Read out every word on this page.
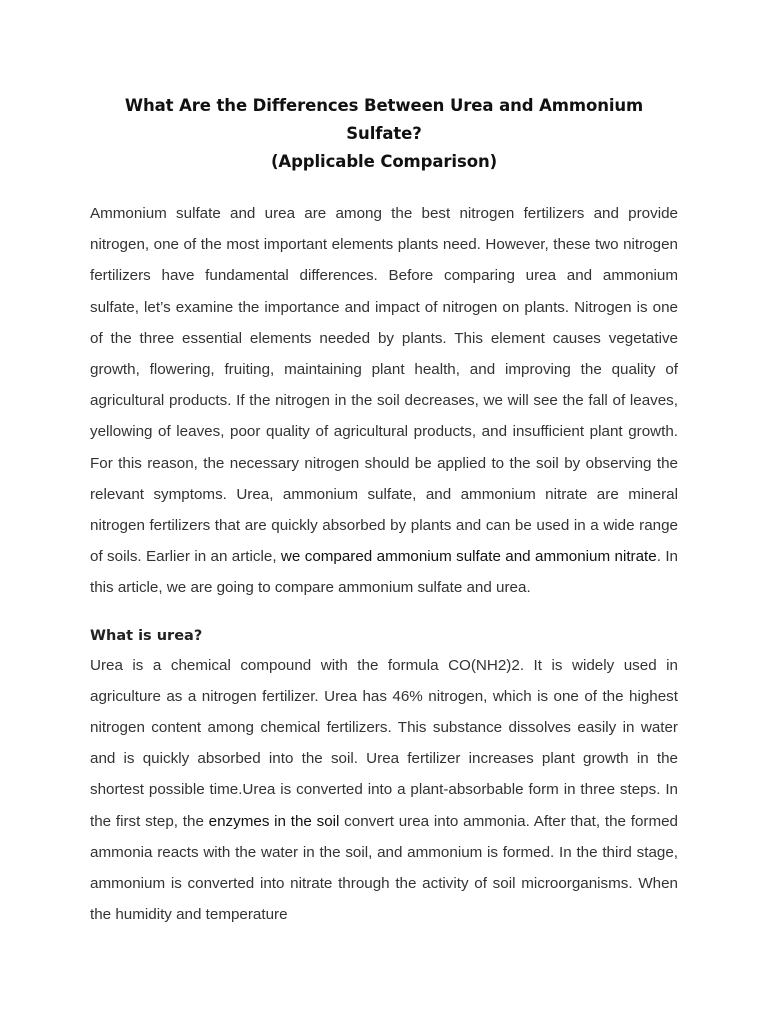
What Are the Differences Between Urea and Ammonium Sulfate?
(Applicable Comparison)

Ammonium sulfate and urea are among the best nitrogen fertilizers and provide nitrogen, one of the most important elements plants need. However, these two nitrogen fertilizers have fundamental differences. Before comparing urea and ammonium sulfate, let’s examine the importance and impact of nitrogen on plants. Nitrogen is one of the three essential elements needed by plants. This element causes vegetative growth, flowering, fruiting, maintaining plant health, and improving the quality of agricultural products. If the nitrogen in the soil decreases, we will see the fall of leaves, yellowing of leaves, poor quality of agricultural products, and insufficient plant growth. For this reason, the necessary nitrogen should be applied to the soil by observing the relevant symptoms. Urea, ammonium sulfate, and ammonium nitrate are mineral nitrogen fertilizers that are quickly absorbed by plants and can be used in a wide range of soils. Earlier in an article, we compared ammonium sulfate and ammonium nitrate. In this article, we are going to compare ammonium sulfate and urea.

What is urea?

Urea is a chemical compound with the formula CO(NH2)2. It is widely used in agriculture as a nitrogen fertilizer. Urea has 46% nitrogen, which is one of the highest nitrogen content among chemical fertilizers. This substance dissolves easily in water and is quickly absorbed into the soil. Urea fertilizer increases plant growth in the shortest possible time.Urea is converted into a plant-absorbable form in three steps. In the first step, the enzymes in the soil convert urea into ammonia. After that, the formed ammonia reacts with the water in the soil, and ammonium is formed. In the third stage, ammonium is converted into nitrate through the activity of soil microorganisms. When the humidity and temperature
